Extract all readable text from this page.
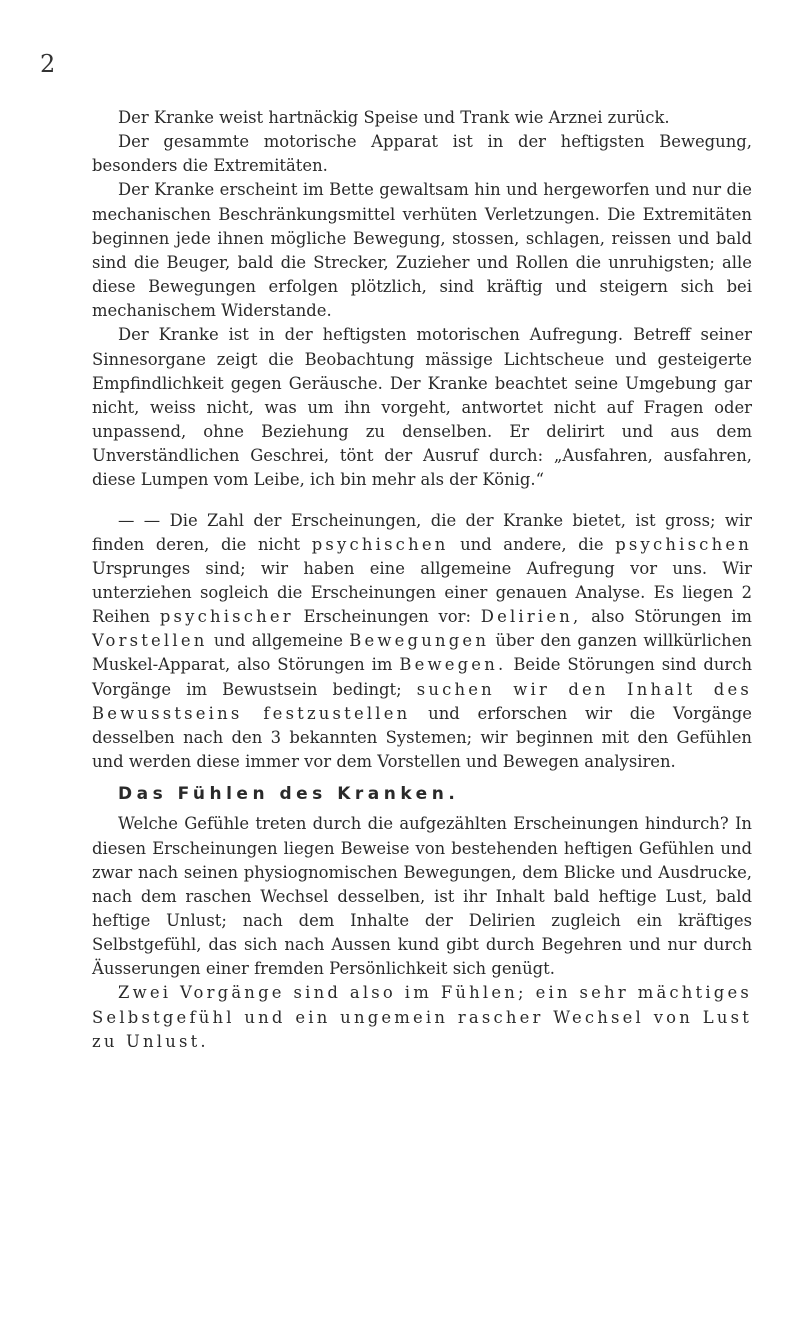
2

Der Kranke weist hartnäckig Speise und Trank wie Arznei zurück.

Der gesammte motorische Apparat ist in der heftigsten Bewegung, besonders die Extremitäten.

Der Kranke erscheint im Bette gewaltsam hin und hergeworfen und nur die mechanischen Beschränkungsmittel verhüten Verletzungen. Die Extremitäten beginnen jede ihnen mögliche Bewegung, stossen, schlagen, reissen und bald sind die Beuger, bald die Strecker, Zuzieher und Rollen die unruhigsten; alle diese Bewegungen erfolgen plötzlich, sind kräftig und steigern sich bei mechanischem Widerstande.

Der Kranke ist in der heftigsten motorischen Aufregung. Betreff seiner Sinnesorgane zeigt die Beobachtung mässige Lichtscheue und gesteigerte Empfindlichkeit gegen Geräusche. Der Kranke beachtet seine Umgebung gar nicht, weiss nicht, was um ihn vorgeht, antwortet nicht auf Fragen oder unpassend, ohne Beziehung zu denselben. Er delirirt und aus dem Unverständlichen Geschrei, tönt der Ausruf durch: „Ausfahren, ausfahren, diese Lumpen vom Leibe, ich bin mehr als der König.“

— — Die Zahl der Erscheinungen, die der Kranke bietet, ist gross; wir finden deren, die nicht psychischen und andere, die psychischen Ursprunges sind; wir haben eine allgemeine Aufregung vor uns. Wir unterziehen sogleich die Erscheinungen einer genauen Analyse. Es liegen 2 Reihen psychischer Erscheinungen vor: Delirien, also Störungen im Vorstellen und allgemeine Bewegungen über den ganzen willkürlichen Muskel-Apparat, also Störungen im Bewegen. Beide Störungen sind durch Vorgänge im Bewustsein bedingt; suchen wir den Inhalt des Bewusstseins festzustellen und erforschen wir die Vorgänge desselben nach den 3 bekannten Systemen; wir beginnen mit den Gefühlen und werden diese immer vor dem Vorstellen und Bewegen analysiren.

Das Fühlen des Kranken.

Welche Gefühle treten durch die aufgezählten Erscheinungen hindurch? In diesen Erscheinungen liegen Beweise von bestehenden heftigen Gefühlen und zwar nach seinen physiognomischen Bewegungen, dem Blicke und Ausdrucke, nach dem raschen Wechsel desselben, ist ihr Inhalt bald heftige Lust, bald heftige Unlust; nach dem Inhalte der Delirien zugleich ein kräftiges Selbstgefühl, das sich nach Aussen kund gibt durch Begehren und nur durch Äusserungen einer fremden Persönlichkeit sich genügt.

Zwei Vorgänge sind also im Fühlen; ein sehr mächtiges Selbstgefühl und ein ungemein rascher Wechsel von Lust zu Unlust.
